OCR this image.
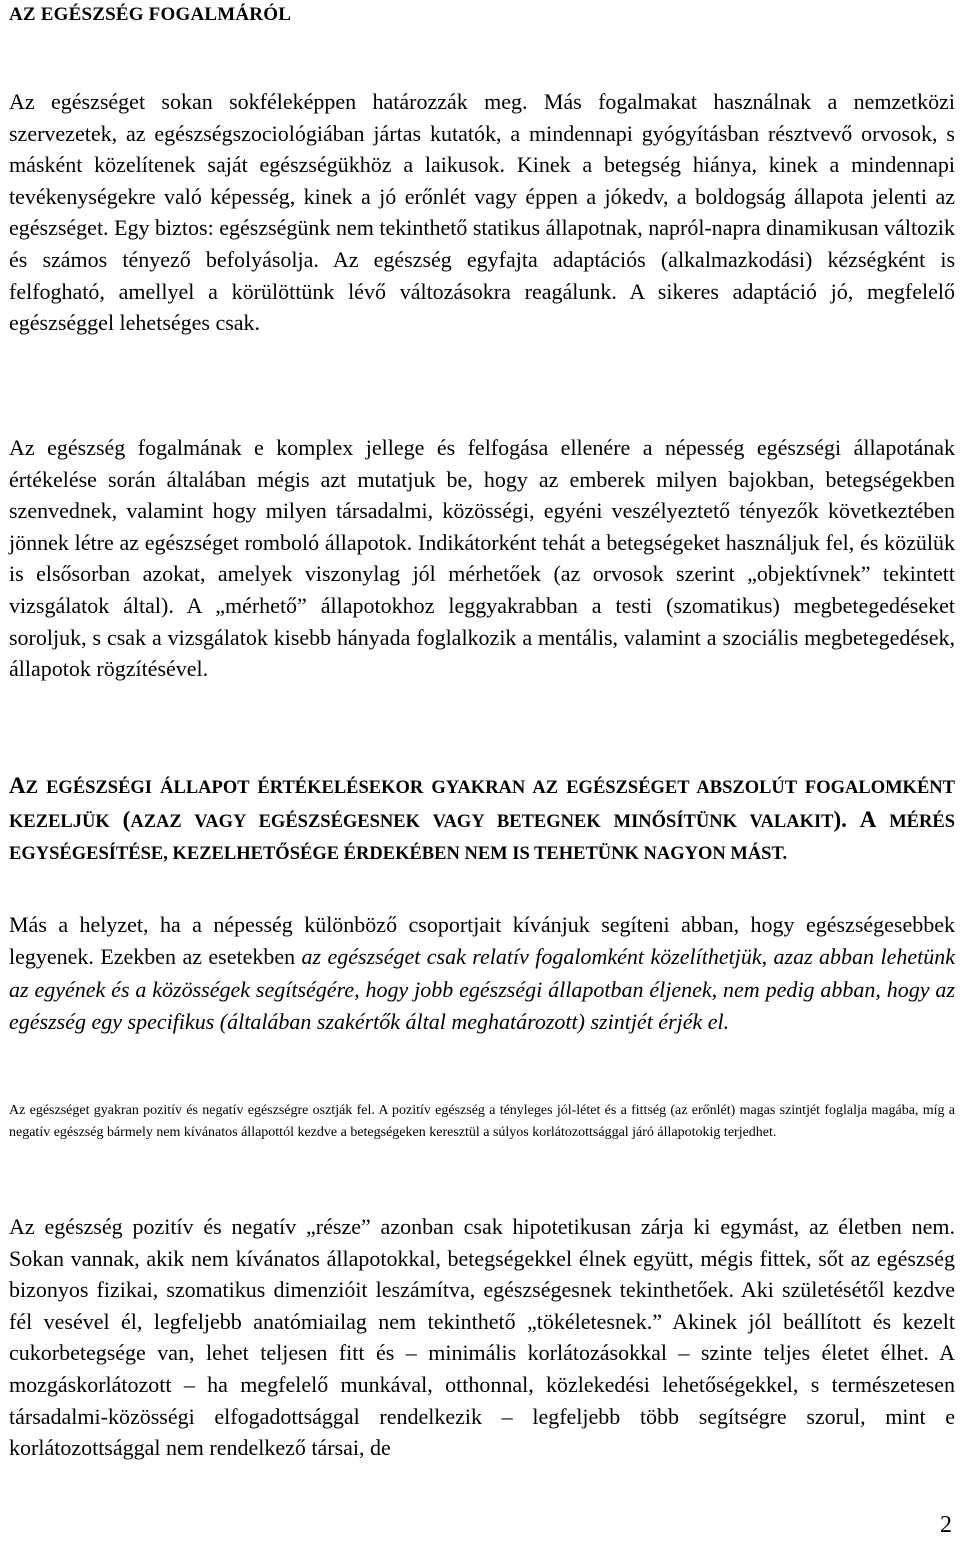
AZ EGÉSZSÉG FOGALMÁRÓL

Az egészséget sokan sokféleképpen határozzák meg. Más fogalmakat használnak a nemzetközi szervezetek, az egészségszociológiában jártas kutatók, a mindennapi gyógyításban résztvevő orvosok, s másként közelítenek saját egészségükhöz a laikusok. Kinek a betegség hiánya, kinek a mindennapi tevékenységekre való képesség, kinek a jó erőnlét vagy éppen a jókedv, a boldogság állapota jelenti az egészséget. Egy biztos: egészségünk nem tekinthető statikus állapotnak, napról-napra dinamikusan változik és számos tényező befolyásolja. Az egészség egyfajta adaptációs (alkalmazkodási) kézségként is felfogható, amellyel a körülöttünk lévő változásokra reagálunk. A sikeres adaptáció jó, megfelelő egészséggel lehetséges csak.

Az egészség fogalmának e komplex jellege és felfogása ellenére a népesség egészségi állapotának értékelése során általában mégis azt mutatjuk be, hogy az emberek milyen bajokban, betegségekben szenvednek, valamint hogy milyen társadalmi, közösségi, egyéni veszélyeztető tényezők következtében jönnek létre az egészséget romboló állapotok. Indikátorként tehát a betegségeket használjuk fel, és közülük is elsősorban azokat, amelyek viszonylag jól mérhetőek (az orvosok szerint „objektívnek” tekintett vizsgálatok által). A „mérhető” állapotokhoz leggyakrabban a testi (szomatikus) megbetegedéseket soroljuk, s csak a vizsgálatok kisebb hányada foglalkozik a mentális, valamint a szociális megbetegedések, állapotok rögzítésével.

AZ EGÉSZSÉGI ÁLLAPOT ÉRTÉKELÉSEKOR GYAKRAN AZ EGÉSZSÉGET ABSZOLÚT FOGALOMKÉNT KEZELJÜK (AZAZ VAGY EGÉSZSÉGESNEK VAGY BETEGNEK MINŐSÍTÜNK VALAKIT). A MÉRÉS EGYSÉGESÍTÉSE, KEZELHETŐSÉGE ÉRDEKÉBEN NEM IS TEHETÜNK NAGYON MÁST.

Más a helyzet, ha a népesség különböző csoportjait kívánjuk segíteni abban, hogy egészségesebbek legyenek. Ezekben az esetekben az egészséget csak relatív fogalomként közelíthetjük, azaz abban lehetünk az egyének és a közösségek segítségére, hogy jobb egészségi állapotban éljenek, nem pedig abban, hogy az egészség egy specifikus (általában szakértők által meghatározott) szintjét érjék el.

Az egészséget gyakran pozitív és negatív egészségre osztják fel. A pozitív egészség a tényleges jól-létet és a fittség (az erőnlét) magas szintjét foglalja magába, míg a negatív egészség bármely nem kívánatos állapottól kezdve a betegségeken keresztül a súlyos korlátozottsággal járó állapotokig terjedhet.

Az egészség pozitív és negatív „része” azonban csak hipotetikusan zárja ki egymást, az életben nem. Sokan vannak, akik nem kívánatos állapotokkal, betegségekkel élnek együtt, mégis fittek, sőt az egészség bizonyos fizikai, szomatikus dimenzióit leszámítva, egészségesnek tekinthetőek. Aki születésétől kezdve fél vesével él, legfeljebb anatómiailag nem tekinthető „tökéletesnek.” Akinek jól beállított és kezelt cukorbetegsége van, lehet teljesen fitt és – minimális korlátozásokkal – szinte teljes életet élhet. A mozgáskorlátozott – ha megfelelő munkával, otthonnal, közlekedési lehetőségekkel, s természetesen társadalmi-közösségi elfogadottsággal rendelkezik – legfeljebb több segítségre szorul, mint e korlátozottsággal nem rendelkező társai, de

2
